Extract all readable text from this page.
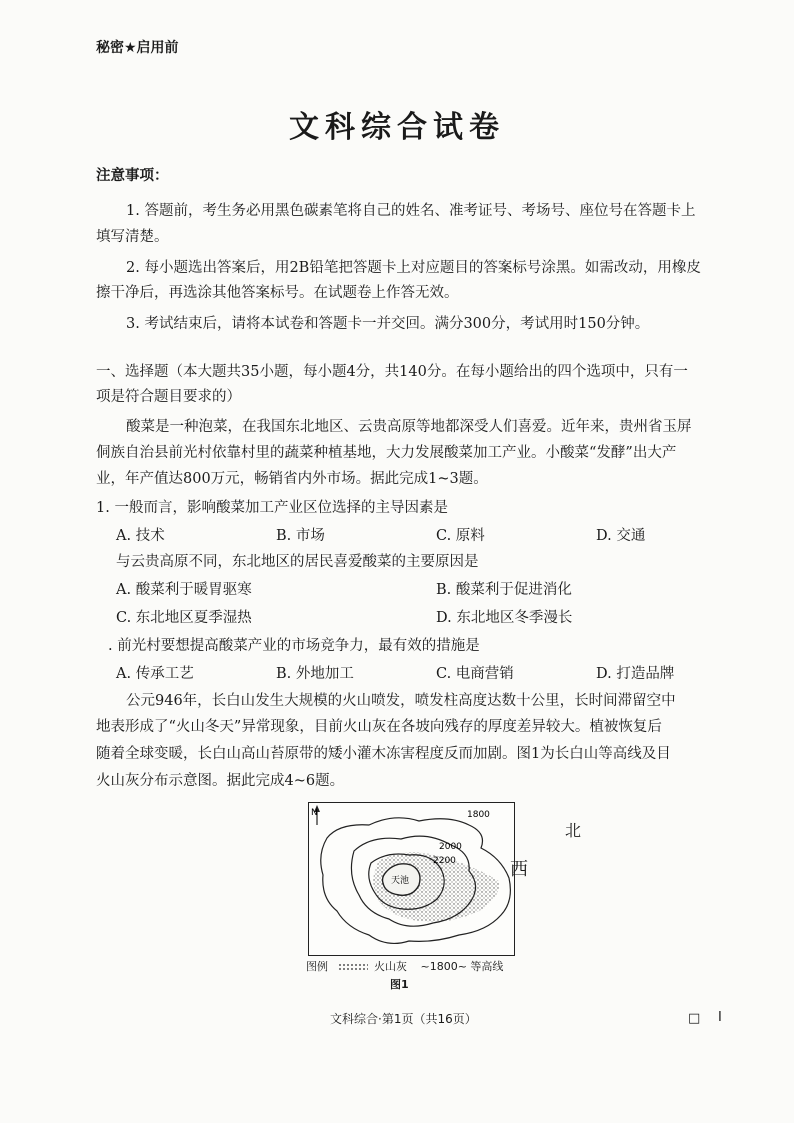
秘密★启用前
文科综合试卷
注意事项：
1. 答题前，考生务必用黑色碳素笔将自己的姓名、准考证号、考场号、座位号在答题卡上
填写清楚。
2. 每小题选出答案后，用2B铅笔把答题卡上对应题目的答案标号涂黑。如需改动，用橡皮
擦干净后，再选涂其他答案标号。在试题卷上作答无效。
3. 考试结束后，请将本试卷和答题卡一并交回。满分300分，考试用时150分钟。
一、选择题（本大题共35小题，每小题4分，共140分。在每小题给出的四个选项中，只有一
项是符合题目要求的）
酸菜是一种泡菜，在我国东北地区、云贵高原等地都深受人们喜爱。近年来，贵州省玉屏
侗族自治县前光村依靠村里的蔬菜种植基地，大力发展酸菜加工产业。小酸菜“发酵”出大产
业，年产值达800万元，畅销省内外市场。据此完成1~3题。
1. 一般而言，影响酸菜加工产业区位选择的主导因素是
A. 技术	B. 市场	C. 原料	D. 交通
与云贵高原不同，东北地区的居民喜爱酸菜的主要原因是
A. 酸菜利于暖胃驱寒	B. 酸菜利于促进消化
C. 东北地区夏季湿热	D. 东北地区冬季漫长
. 前光村要想提高酸菜产业的市场竞争力，最有效的措施是
A. 传承工艺	B. 外地加工	C. 电商营销	D. 打造品牌
公元946年，长白山发生大规模的火山喷发，喷发柱高度达数十公里，长时间滞留空中
地表形成了“火山冬天”异常现象，目前火山灰在各坡向残存的厚度差异较大。植被恢复后
随着全球变暖，长白山高山苔原带的矮小灌木冻害程度反而加剧。图1为长白山等高线及目
火山灰分布示意图。据此完成4~6题。
N	1800
2000
2200
天池
图例	火山灰 ~1800~ 等高线
图1
北
西
文科综合·第1页（共16页）	□ I
